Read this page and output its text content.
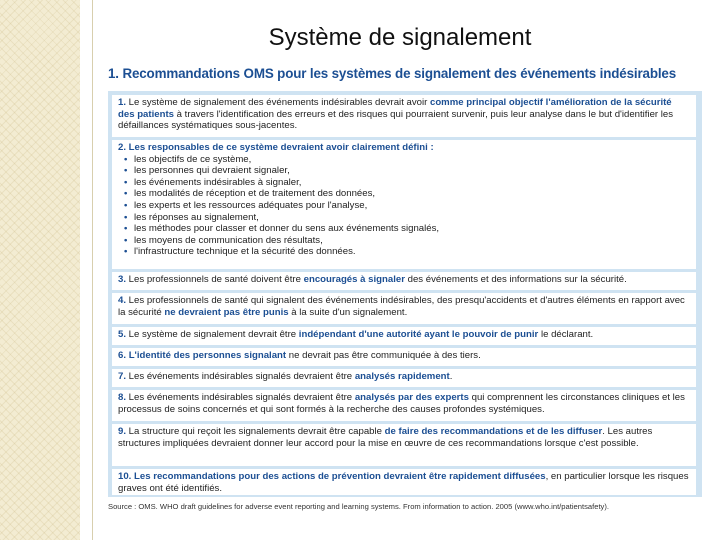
Système de signalement
1. Recommandations OMS pour les systèmes de signalement des événements indésirables
1. Le système de signalement des événements indésirables devrait avoir comme principal objectif l'amélioration de la sécurité des patients à travers l'identification des erreurs et des risques qui pourraient survenir, puis leur analyse dans le but d'identifier les défaillances systématiques sous-jacentes.
2. Les responsables de ce système devraient avoir clairement défini :
• les objectifs de ce système,
• les personnes qui devraient signaler,
• les événements indésirables à signaler,
• les modalités de réception et de traitement des données,
• les experts et les ressources adéquates pour l'analyse,
• les réponses au signalement,
• les méthodes pour classer et donner du sens aux événements signalés,
• les moyens de communication des résultats,
• l'infrastructure technique et la sécurité des données.
3. Les professionnels de santé doivent être encouragés à signaler des événements et des informations sur la sécurité.
4. Les professionnels de santé qui signalent des événements indésirables, des presqu'accidents et d'autres éléments en rapport avec la sécurité ne devraient pas être punis à la suite d'un signalement.
5. Le système de signalement devrait être indépendant d'une autorité ayant le pouvoir de punir le déclarant.
6. L'identité des personnes signalant ne devrait pas être communiquée à des tiers.
7. Les événements indésirables signalés devraient être analysés rapidement.
8. Les événements indésirables signalés devraient être analysés par des experts qui comprennent les circonstances cliniques et les processus de soins concernés et qui sont formés à la recherche des causes profondes systémiques.
9. La structure qui reçoit les signalements devrait être capable de faire des recommandations et de les diffuser. Les autres structures impliquées devraient donner leur accord pour la mise en œuvre de ces recommandations lorsque c'est possible.
10. Les recommandations pour des actions de prévention devraient être rapidement diffusées, en particulier lorsque les risques graves ont été identifiés.
Source : OMS. WHO draft guidelines for adverse event reporting and learning systems. From information to action. 2005 (www.who.int/patientsafety).
